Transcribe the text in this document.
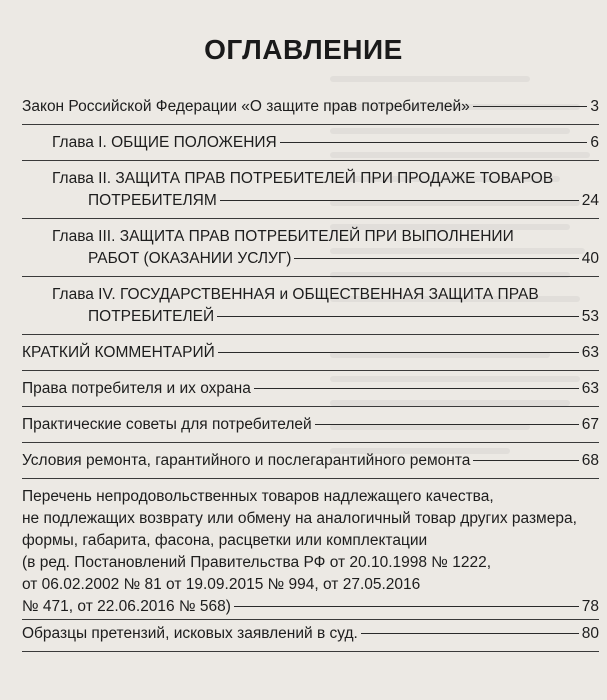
ОГЛАВЛЕНИЕ
Закон Российской Федерации «О защите прав потребителей»	3
Глава I. ОБЩИЕ ПОЛОЖЕНИЯ	6
Глава II. ЗАЩИТА ПРАВ ПОТРЕБИТЕЛЕЙ ПРИ ПРОДАЖЕ ТОВАРОВ
ПОТРЕБИТЕЛЯМ	24
Глава III. ЗАЩИТА ПРАВ ПОТРЕБИТЕЛЕЙ ПРИ ВЫПОЛНЕНИИ
РАБОТ (ОКАЗАНИИ УСЛУГ)	40
Глава IV. ГОСУДАРСТВЕННАЯ и ОБЩЕСТВЕННАЯ ЗАЩИТА ПРАВ
ПОТРЕБИТЕЛЕЙ	53
КРАТКИЙ КОММЕНТАРИЙ	63
Права потребителя и их охрана	63
Практические советы для потребителей	67
Условия ремонта, гарантийного и послегарантийного ремонта	68
Перечень непродовольственных товаров надлежащего качества,
не подлежащих возврату или обмену на аналогичный товар других размера,
формы, габарита, фасона, расцветки или комплектации
(в ред. Постановлений Правительства РФ от 20.10.1998 № 1222,
от 06.02.2002 № 81 от 19.09.2015 № 994, от 27.05.2016
№ 471, от 22.06.2016 № 568)	78
Образцы претензий, исковых заявлений в суд.	80
